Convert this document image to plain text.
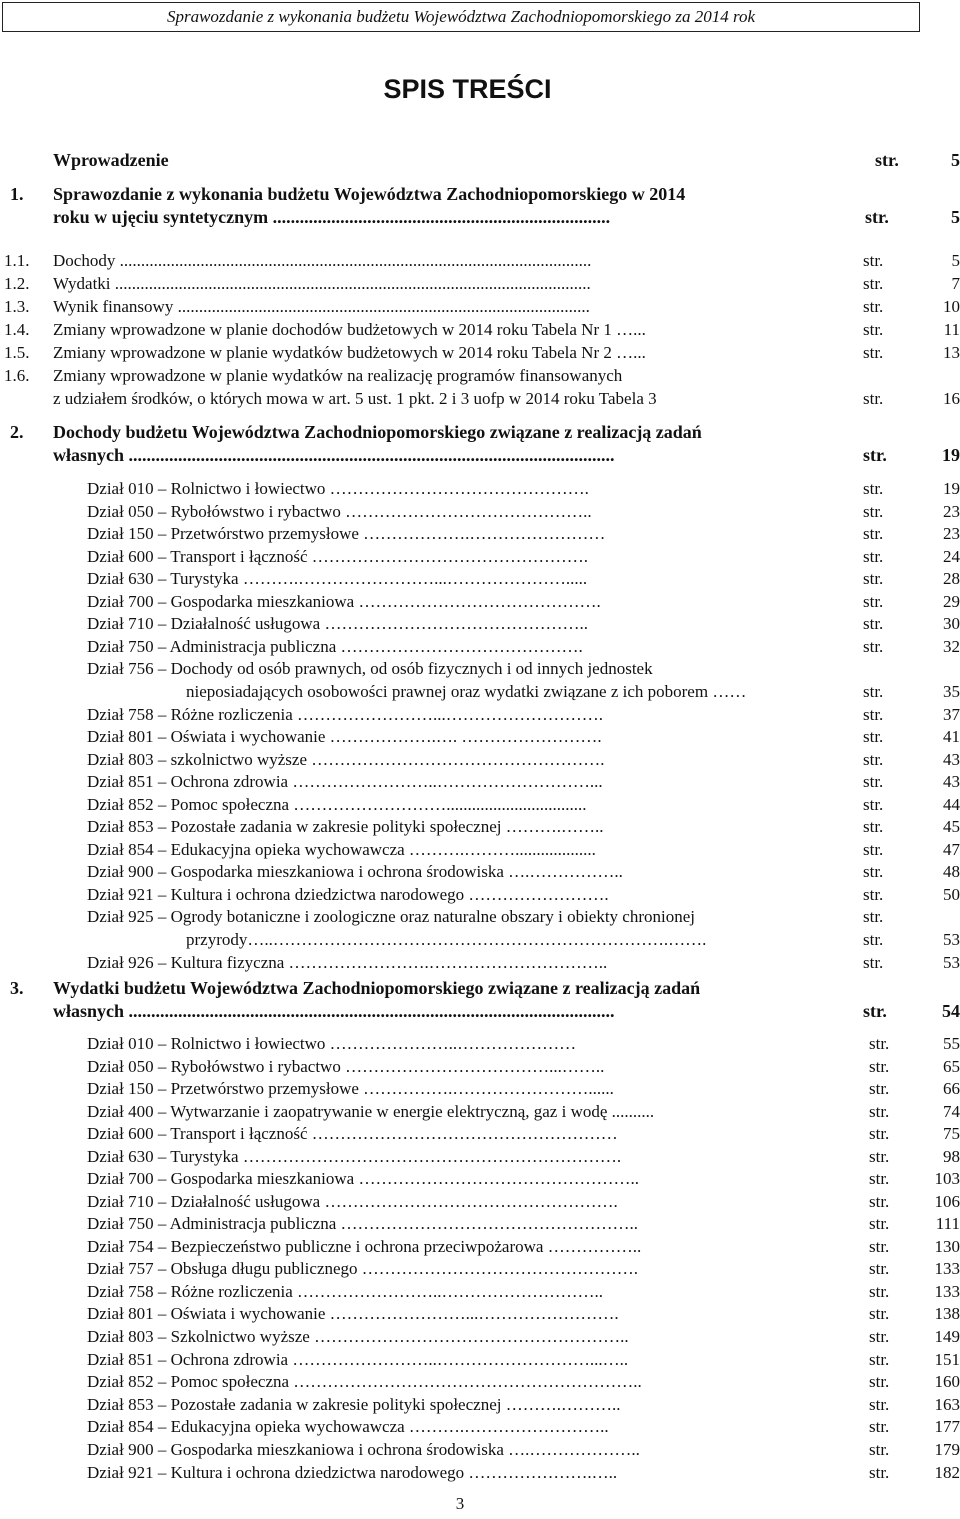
Sprawozdanie z wykonania budżetu Województwa Zachodniopomorskiego za 2014 rok
SPIS TREŚCI
Wprowadzenie	str.	5
1. Sprawozdanie z wykonania budżetu Województwa Zachodniopomorskiego w 2014
roku w ujęciu syntetycznym ...........................................................................	str.	5
1.1. Dochody ...............................................................................................................	str.	5
1.2. Wydatki ................................................................................................................	str.	7
1.3. Wynik finansowy .................................................................................................	str.	10
1.4. Zmiany wprowadzone w planie dochodów budżetowych w 2014 roku Tabela Nr 1 …...	str.	11
1.5. Zmiany wprowadzone w planie wydatków budżetowych w 2014 roku Tabela Nr 2 …...	str.	13
1.6. Zmiany wprowadzone w planie wydatków na realizację programów finansowanych
z udziałem środków, o których mowa w art. 5 ust. 1 pkt. 2 i 3 uofp w 2014 roku Tabela 3	str.	16
2. Dochody budżetu Województwa Zachodniopomorskiego związane z realizacją zadań
własnych ............................................................................................................	str.	19
Dział 010 – Rolnictwo i łowiectwo ……………………………………….	str.	19
Dział 050 – Rybołówstwo i rybactwo ……………………………………..	str.	23
Dział 150 – Przetwórstwo przemysłowe ……………….……………………	str.	23
Dział 600 – Transport i łączność ………………………………………….	str.	24
Dział 630 – Turystyka ……….……………………...………………….....	str.	28
Dział 700 – Gospodarka mieszkaniowa …………………………………….	str.	29
Dział 710 – Działalność usługowa ………………………………………..	str.	30
Dział 750 – Administracja publiczna …………………………………….	str.	32
Dział 756 – Dochody od osób prawnych, od osób fizycznych i od innych jednostek
nieposiadających osobowości prawnej oraz wydatki związane z ich poborem ……	str.	35
Dział 758 – Różne rozliczenia ……………………...……………………….	str.	37
Dział 801 – Oświata i wychowanie ……………….…. …………………….	str.	41
Dział 803 – szkolnictwo wyższe …………………………………………….	str.	43
Dział 851 – Ochrona zdrowia ……………………..………………………...	str.	43
Dział 852 – Pomoc społeczna ……………………….................................	str.	44
Dział 853 – Pozostałe zadania w zakresie polityki społecznej ……….……..	str.	45
Dział 854 – Edukacyjna opieka wychowawcza ……….………...................	str.	47
Dział 900 – Gospodarka mieszkaniowa i ochrona środowiska ….……………..	str.	48
Dział 921 – Kultura i ochrona dziedzictwa narodowego …………………….	str.	50
Dział 925 – Ogrody botaniczne i zoologiczne oraz naturalne obszary i obiekty chronionej	str.
przyrody…..…………………………………………………………….…….	str.	53
Dział 926 – Kultura fizyczna …………………….…………………………..	str.	53
3. Wydatki budżetu Województwa Zachodniopomorskiego związane z realizacją zadań
własnych ............................................................................................................	str.	54
Dział 010 – Rolnictwo i łowiectwo …………………..…………………	str.	55
Dział 050 – Rybołówstwo i rybactwo ………………………………...……..	str.	65
Dział 150 – Przetwórstwo przemysłowe …………….……………………......	str.	66
Dział 400 – Wytwarzanie i zaopatrywanie w energie elektryczną, gaz i wodę ..........	str.	74
Dział 600 – Transport i łączność ………………………………………………	str.	75
Dział 630 – Turystyka ………………………………………………………….	str.	98
Dział 700 – Gospodarka mieszkaniowa …………………………………………..	str.	103
Dział 710 – Działalność usługowa …………………………………………….	str.	106
Dział 750 – Administracja publiczna ……………………………………………..	str.	111
Dział 754 – Bezpieczeństwo publiczne i ochrona przeciwpożarowa ……………..	str.	130
Dział 757 – Obsługa długu publicznego ………………………………………….	str.	133
Dział 758 – Różne rozliczenia ……………………..………………………..	str.	133
Dział 801 – Oświata i wychowanie ……………………...…………………….	str.	138
Dział 803 – Szkolnictwo wyższe ………………………………………………..	str.	149
Dział 851 – Ochrona zdrowia ……………………..………………………...…..	str.	151
Dział 852 – Pomoc społeczna ……………………………………………………..	str.	160
Dział 853 – Pozostałe zadania w zakresie polityki społecznej ……….………..	str.	163
Dział 854 – Edukacyjna opieka wychowawcza ……….……………………..	str.	177
Dział 900 – Gospodarka mieszkaniowa i ochrona środowiska ….………………..	str.	179
Dział 921 – Kultura i ochrona dziedzictwa narodowego ………………….…..	str.	182
3
